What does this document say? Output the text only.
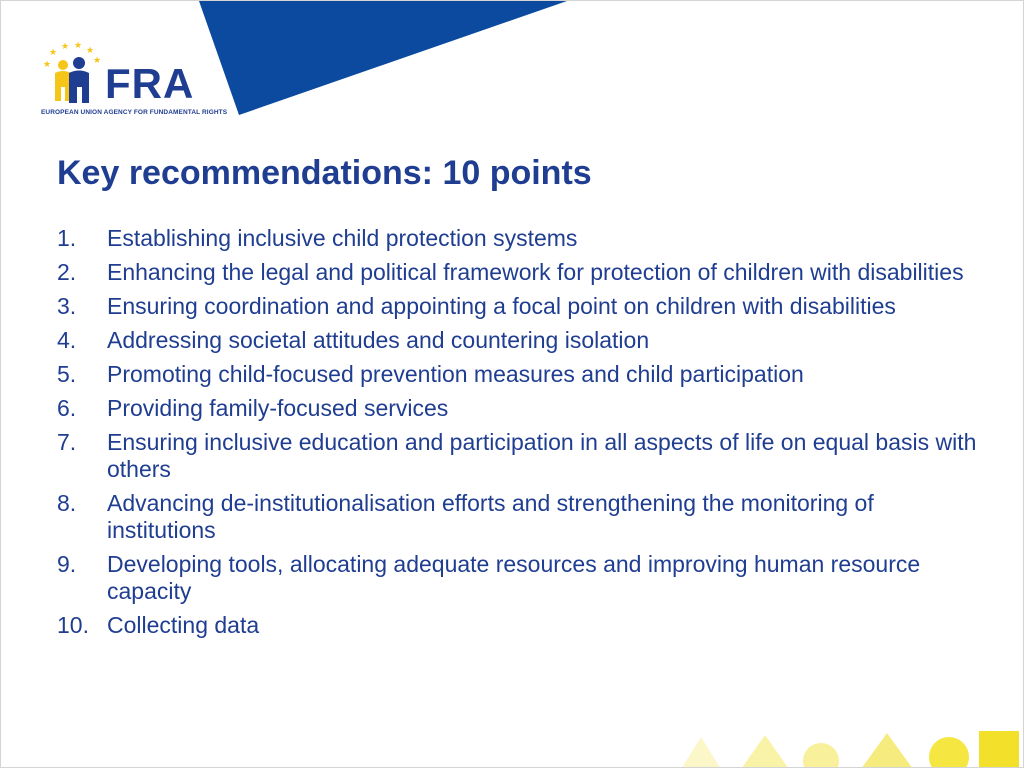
★
★ ★ ★
★	★ FRA
EUROPEAN UNION AGENCY FOR FUNDAMENTAL RIGHTS
Key recommendations: 10 points
1.	Establishing inclusive child protection systems
2.	Enhancing the legal and political framework for protection of children with disabilities
3.	Ensuring coordination and appointing a focal point on children with disabilities
4.	Addressing societal attitudes and countering isolation
5.	Promoting child-focused prevention measures and child participation
6.	Providing family-focused services
7.	Ensuring inclusive education and participation in all aspects of life on equal basis with others
8.	Advancing de-institutionalisation efforts and strengthening the monitoring of institutions
9.	Developing tools, allocating adequate resources and improving human resource capacity
10. Collecting data
